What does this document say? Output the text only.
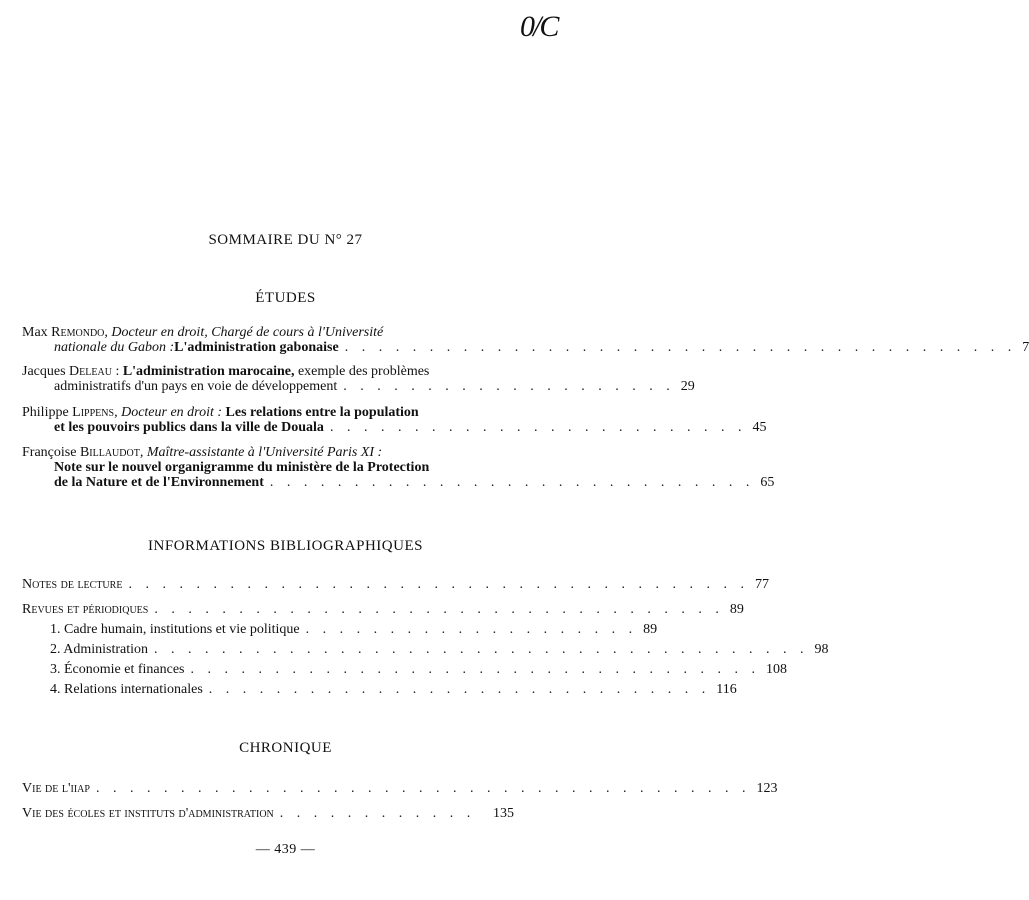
0/C
SOMMAIRE DU N° 27
ÉTUDES
Max Remondo, Docteur en droit, Chargé de cours à l'Université
nationale du Gabon : L'administration gabonaise . . . . . . . . . . . . . . . . . . . . . . . . . . . . . . . . . . . . . . . . 7
Jacques Deleau : L'administration marocaine, exemple des problèmes
administratifs d'un pays en voie de développement . . . . . . . . . . . . . . . . . . . . 29
Philippe Lippens, Docteur en droit : Les relations entre la population
et les pouvoirs publics dans la ville de Douala . . . . . . . . . . . . . . . . . . . . . . . . . 45
Françoise Billaudot, Maître-assistante à l'Université Paris XI :
Note sur le nouvel organigramme du ministère de la Protection
de la Nature et de l'Environnement . . . . . . . . . . . . . . . . . . . . . . . . . . . . . 65
INFORMATIONS BIBLIOGRAPHIQUES
Notes de lecture . . . . . . . . . . . . . . . . . . . . . . . . . . . . . . . . . . . . . 77
Revues et périodiques . . . . . . . . . . . . . . . . . . . . . . . . . . . . . . . . . . 89
1. Cadre humain, institutions et vie politique . . . . . . . . . . . . . . . . . . . . 89
2. Administration . . . . . . . . . . . . . . . . . . . . . . . . . . . . . . . . . . . . . . . 98
3. Économie et finances . . . . . . . . . . . . . . . . . . . . . . . . . . . . . . . . . . 108
4. Relations internationales . . . . . . . . . . . . . . . . . . . . . . . . . . . . . . 116
CHRONIQUE
Vie de l'iiap . . . . . . . . . . . . . . . . . . . . . . . . . . . . . . . . . . . . . . . 123
Vie des écoles et instituts d'administration . . . . . . . . . . . .	135
— 439 —
